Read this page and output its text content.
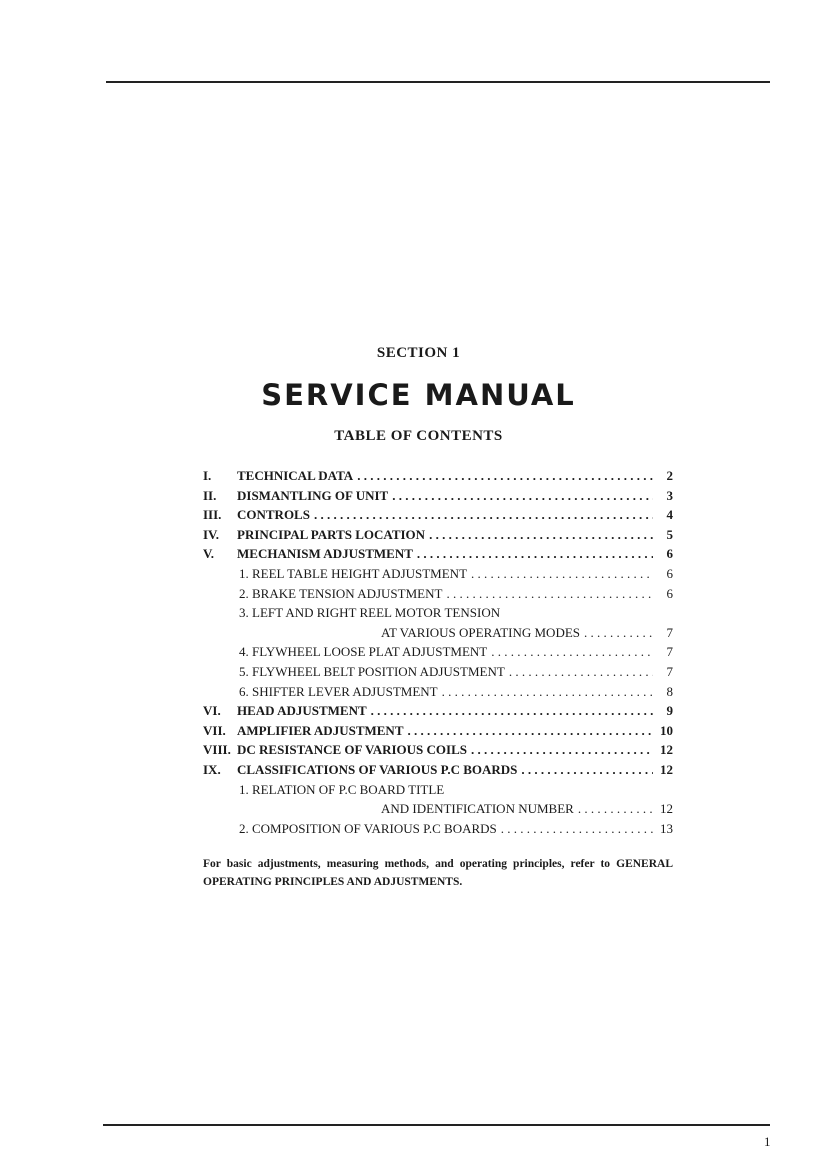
SECTION 1
SERVICE MANUAL
TABLE OF CONTENTS
I.	TECHNICAL DATA . . .	2
II.	DISMANTLING OF UNIT . . .	3
III.	CONTROLS . . .	4
IV.	PRINCIPAL PARTS LOCATION . . .	5
V.	MECHANISM ADJUSTMENT . . .	6
1. REEL TABLE HEIGHT ADJUSTMENT . . .	6
2. BRAKE TENSION ADJUSTMENT . . .	6
3. LEFT AND RIGHT REEL MOTOR TENSION
AT VARIOUS OPERATING MODES . . .	7
4. FLYWHEEL LOOSE PLAT ADJUSTMENT . . .	7
5. FLYWHEEL BELT POSITION ADJUSTMENT . . .	7
6. SHIFTER LEVER ADJUSTMENT . . .	8
VI.	HEAD ADJUSTMENT . . .	9
VII. AMPLIFIER ADJUSTMENT . . .	10
VIII. DC RESISTANCE OF VARIOUS COILS . . .	12
IX.	CLASSIFICATIONS OF VARIOUS P.C BOARDS . . .	12
1. RELATION OF P.C BOARD TITLE
AND IDENTIFICATION NUMBER . . .	12
2. COMPOSITION OF VARIOUS P.C BOARDS . . .	13
For basic adjustments, measuring methods, and operating principles, refer to GENERAL OPERATING PRINCIPLES AND ADJUSTMENTS.
1
